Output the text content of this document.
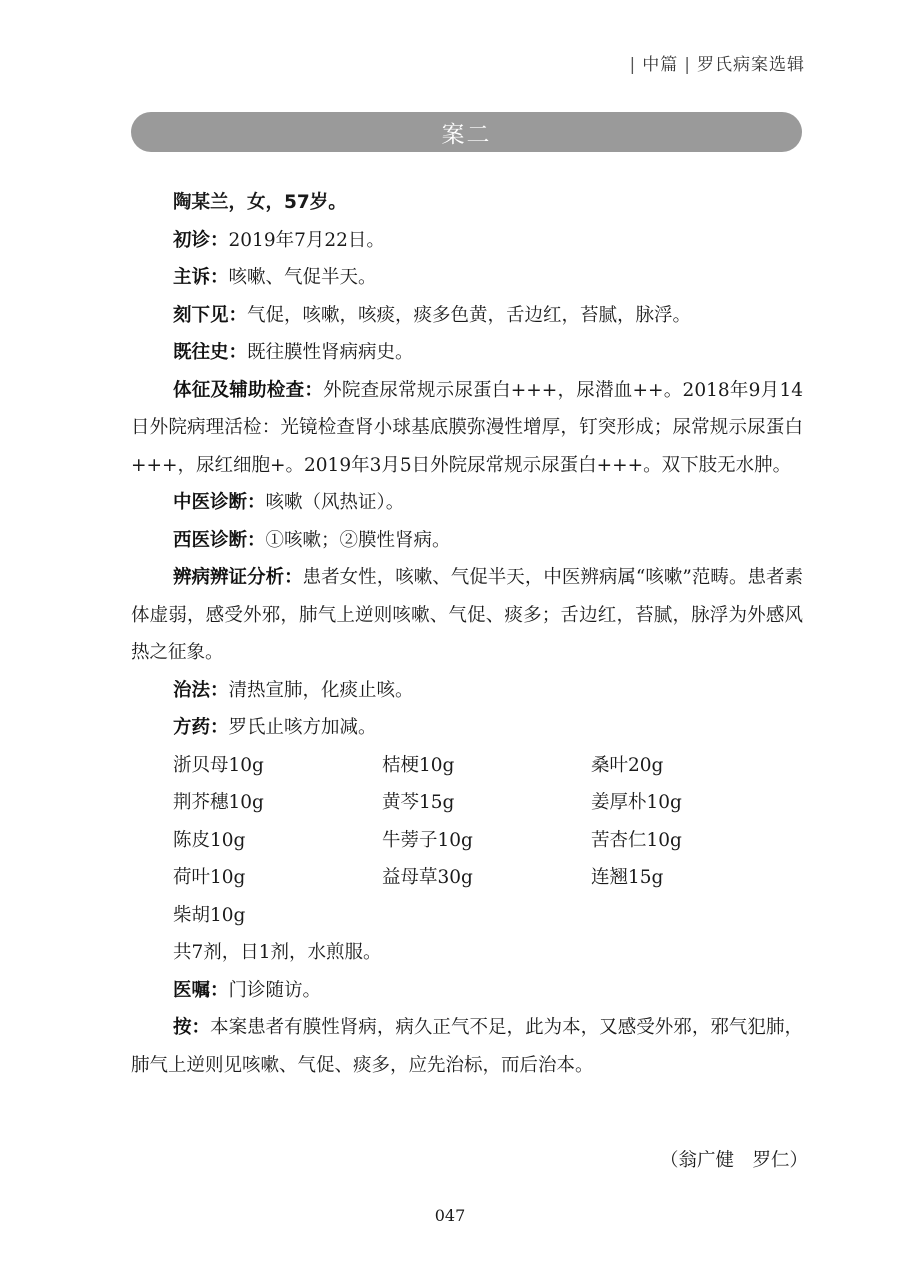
| 中篇 | 罗氏病案选辑
案二

陶某兰，女，57岁。

初诊：2019年7月22日。

主诉：咳嗽、气促半天。

刻下见：气促，咳嗽，咳痰，痰多色黄，舌边红，苔腻，脉浮。

既往史：既往膜性肾病病史。

体征及辅助检查：外院查尿常规示尿蛋白+++，尿潜血++。2018年9月14日外院病理活检：光镜检查肾小球基底膜弥漫性增厚，钉突形成；尿常规示尿蛋白+++，尿红细胞+。2019年3月5日外院尿常规示尿蛋白+++。双下肢无水肿。

中医诊断：咳嗽（风热证）。

西医诊断：①咳嗽；②膜性肾病。

辨病辨证分析：患者女性，咳嗽、气促半天，中医辨病属“咳嗽”范畴。患者素体虚弱，感受外邪，肺气上逆则咳嗽、气促、痰多；舌边红，苔腻，脉浮为外感风热之征象。

治法：清热宣肺，化痰止咳。

方药：罗氏止咳方加减。

浙贝母10g	桔梗10g	桑叶20g
荆芥穗10g	黄芩15g	姜厚朴10g
陈皮10g	牛蒡子10g	苦杏仁10g
荷叶10g	益母草30g	连翘15g
柴胡10g

共7剂，日1剂，水煎服。

医嘱：门诊随访。

按：本案患者有膜性肾病，病久正气不足，此为本，又感受外邪，邪气犯肺，肺气上逆则见咳嗽、气促、痰多，应先治标，而后治本。

（翁广健　罗仁）
047
